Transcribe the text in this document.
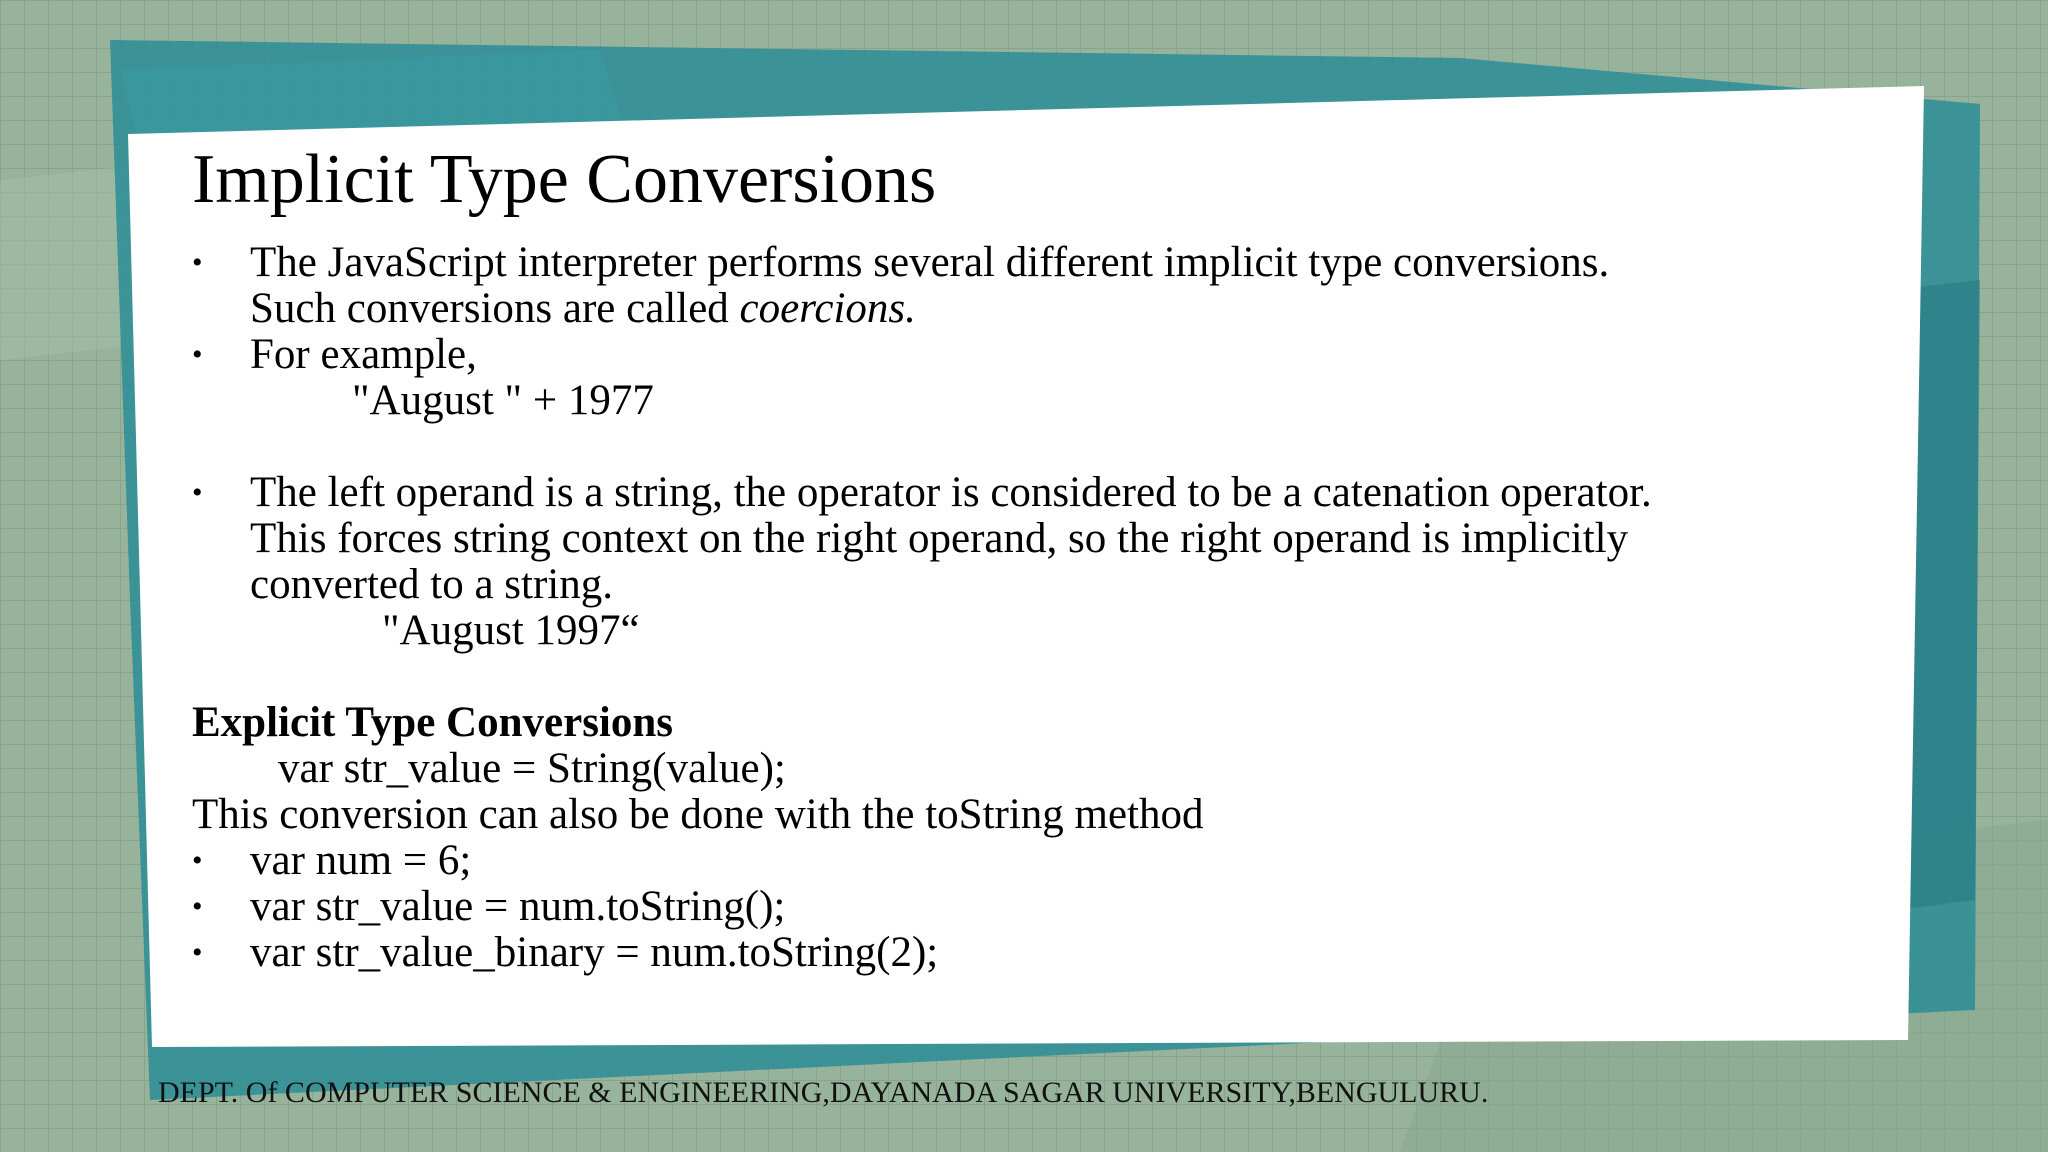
Implicit Type Conversions
• The JavaScript interpreter performs several different implicit type conversions.
Such conversions are called coercions.
• For example,
"August " + 1977
• The left operand is a string, the operator is considered to be a catenation operator.
This forces string context on the right operand, so the right operand is implicitly
converted to a string.
"August 1997“
Explicit Type Conversions
var str_value = String(value);
This conversion can also be done with the toString method
• var num = 6;
• var str_value = num.toString();
• var str_value_binary = num.toString(2);
DEPT. Of COMPUTER SCIENCE & ENGINEERING,DAYANADA SAGAR UNIVERSITY,BENGULURU.
